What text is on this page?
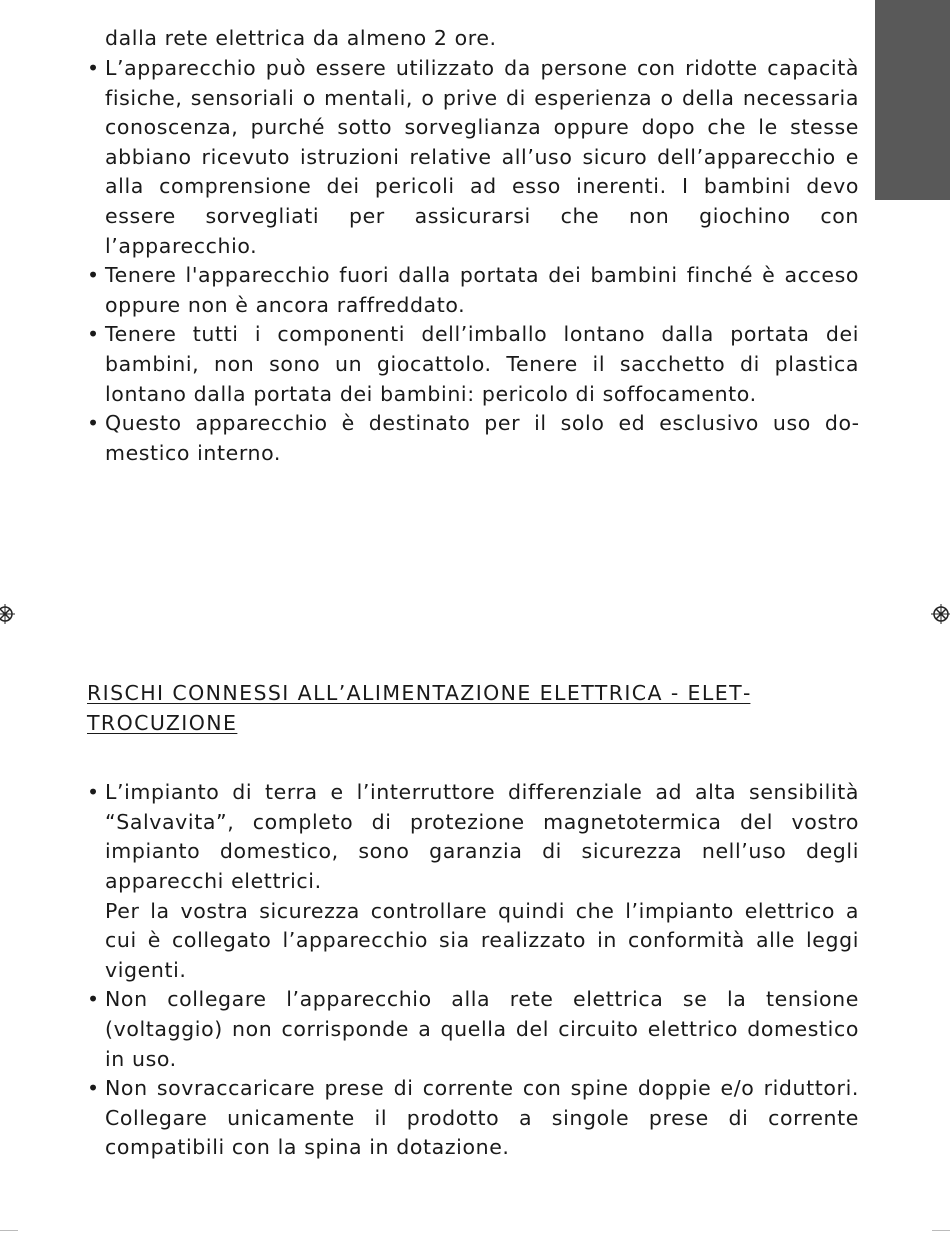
dalla rete elettrica da almeno 2 ore.
• L’apparecchio può essere utilizzato da persone con ridotte capacità fisiche, sensoriali o mentali, o prive di esperienza o della necessaria conoscenza, purché sotto sorveglianza oppure dopo che le stesse abbiano ricevuto istruzioni relative all’uso sicuro dell’apparecchio e alla comprensione dei pericoli ad esso inerenti. I bambini devo essere sorvegliati per assicurarsi che non giochino con l’apparecchio.
• Tenere l'apparecchio fuori dalla portata dei bambini finché è acceso oppure non è ancora raffreddato.
• Tenere tutti i componenti dell’imballo lontano dalla portata dei bambini, non sono un giocattolo. Tenere il sacchetto di plastica lontano dalla portata dei bambini: pericolo di soffocamento.
• Questo apparecchio è destinato per il solo ed esclusivo uso domestico interno.
RISCHI CONNESSI ALL’ALIMENTAZIONE ELETTRICA - ELETTROCUZIONE
• L’impianto di terra e l’interruttore differenziale ad alta sensibilità “Salvavita”, completo di protezione magnetotermica del vostro impianto domestico, sono garanzia di sicurezza nell’uso degli apparecchi elettrici.
Per la vostra sicurezza controllare quindi che l’impianto elettrico a cui è collegato l’apparecchio sia realizzato in conformità alle leggi vigenti.
• Non collegare l’apparecchio alla rete elettrica se la tensione (voltaggio) non corrisponde a quella del circuito elettrico domestico in uso.
• Non sovraccaricare prese di corrente con spine doppie e/o riduttori. Collegare unicamente il prodotto a singole prese di corrente compatibili con la spina in dotazione.
